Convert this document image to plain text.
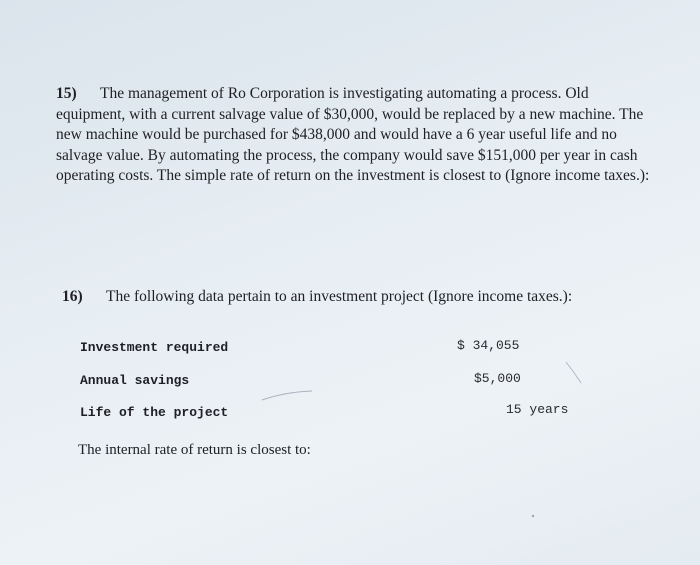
15) The management of Ro Corporation is investigating automating a process. Old
equipment, with a current salvage value of $30,000, would be replaced by a new machine. The
new machine would be purchased for $438,000 and would have a 6 year useful life and no
salvage value. By automating the process, the company would save $151,000 per year in cash
operating costs. The simple rate of return on the investment is closest to (Ignore income taxes.):
16) The following data pertain to an investment project (Ignore income taxes.):
Investment required	$ 34,055
Annual savings	$5,000
Life of the project	15 years
The internal rate of return is closest to:
